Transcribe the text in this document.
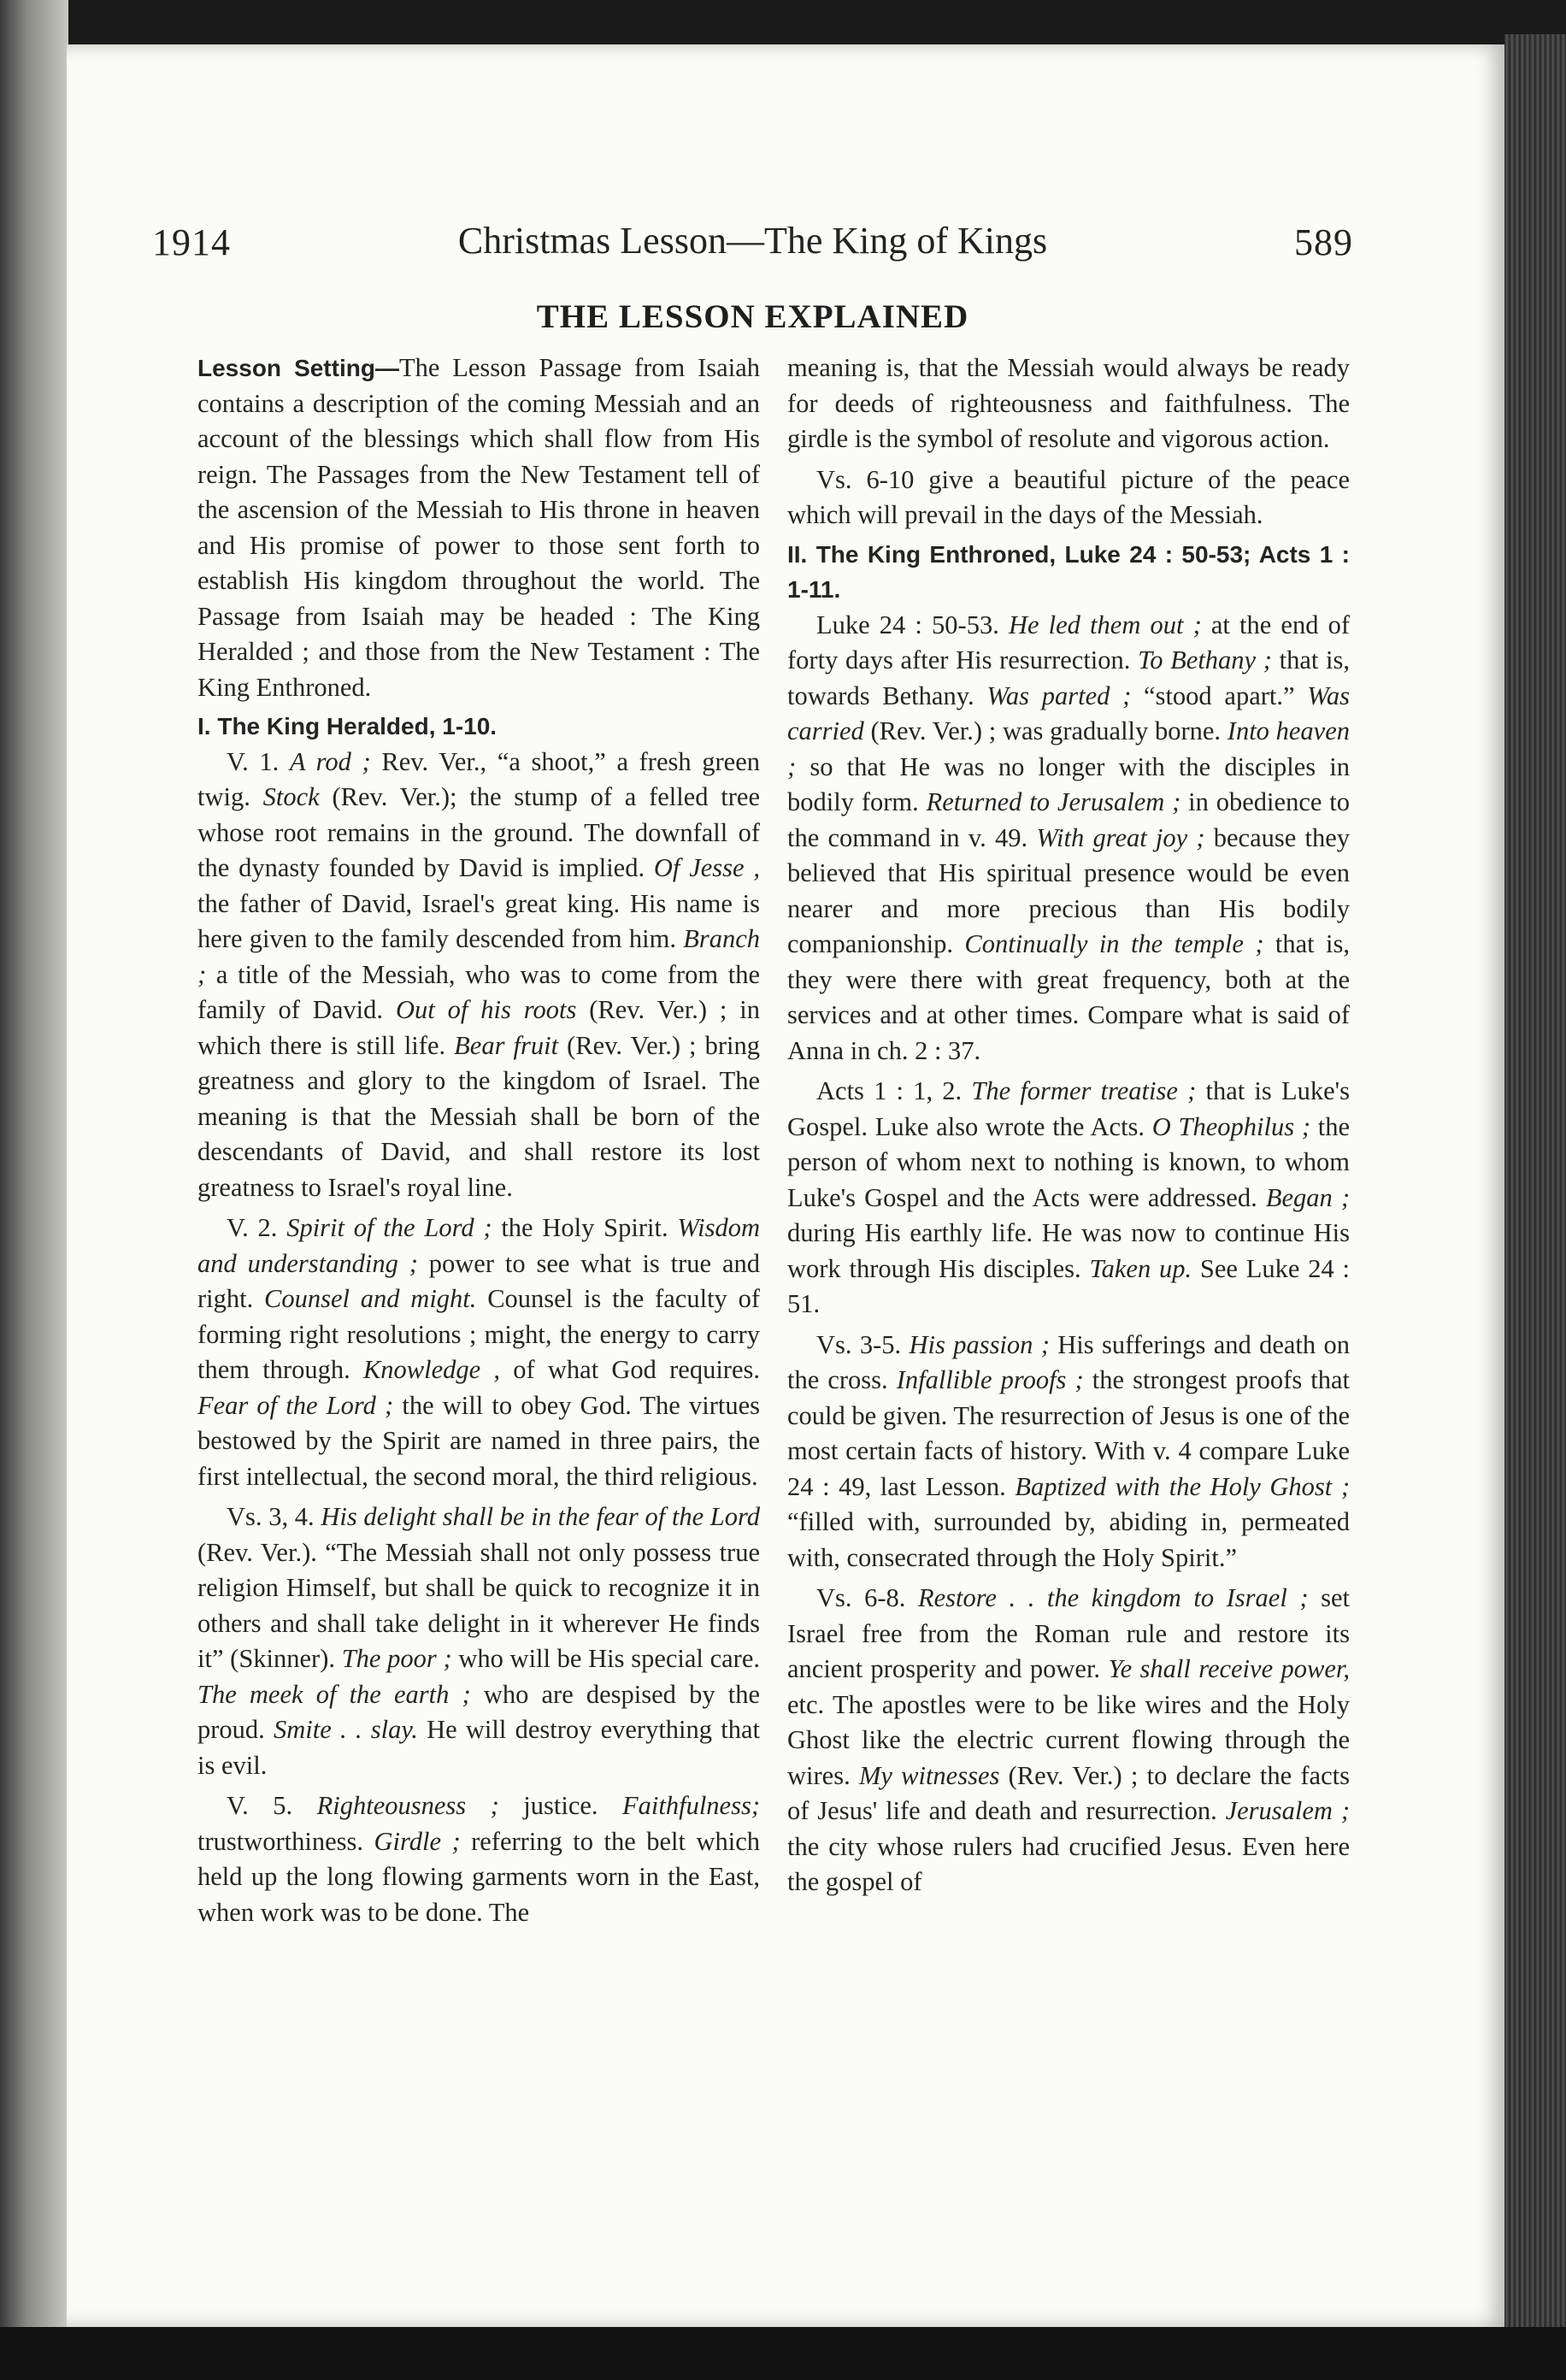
1914	Christmas Lesson—The King of Kings	589
THE LESSON EXPLAINED

Lesson Setting—The Lesson Passage from Isaiah contains a description of the coming Messiah and an account of the blessings which shall flow from His reign. The Passages from the New Testament tell of the ascension of the Messiah to His throne in heaven and His promise of power to those sent forth to establish His kingdom throughout the world. The Passage from Isaiah may be headed : The King Heralded ; and those from the New Testament : The King Enthroned.

I. The King Heralded, 1-10.

V. 1. A rod ; Rev. Ver., “a shoot,” a fresh green twig. Stock (Rev. Ver.); the stump of a felled tree whose root remains in the ground. The downfall of the dynasty founded by David is implied. Of Jesse , the father of David, Israel's great king. His name is here given to the family descended from him. Branch ; a title of the Messiah, who was to come from the family of David. Out of his roots (Rev. Ver.) ; in which there is still life. Bear fruit (Rev. Ver.) ; bring greatness and glory to the kingdom of Israel. The meaning is that the Messiah shall be born of the descendants of David, and shall restore its lost greatness to Israel's royal line.

V. 2. Spirit of the Lord ; the Holy Spirit. Wisdom and understanding ; power to see what is true and right. Counsel and might. Counsel is the faculty of forming right resolutions ; might, the energy to carry them through. Knowledge , of what God requires. Fear of the Lord ; the will to obey God. The virtues bestowed by the Spirit are named in three pairs, the first intellectual, the second moral, the third religious.

Vs. 3, 4. His delight shall be in the fear of the Lord (Rev. Ver.). “The Messiah shall not only possess true religion Himself, but shall be quick to recognize it in others and shall take delight in it wherever He finds it” (Skinner). The poor ; who will be His special care. The meek of the earth ; who are despised by the proud. Smite . . slay. He will destroy everything that is evil.

V. 5. Righteousness ; justice. Faithfulness; trustworthiness. Girdle ; referring to the belt which held up the long flowing garments worn in the East, when work was to be done. The

meaning is, that the Messiah would always be ready for deeds of righteousness and faithfulness. The girdle is the symbol of resolute and vigorous action.

Vs. 6-10 give a beautiful picture of the peace which will prevail in the days of the Messiah.

II. The King Enthroned, Luke 24 : 50-53; Acts 1 : 1-11.

Luke 24 : 50-53. He led them out ; at the end of forty days after His resurrection. To Bethany ; that is, towards Bethany. Was parted ; “stood apart.” Was carried (Rev. Ver.) ; was gradually borne. Into heaven ; so that He was no longer with the disciples in bodily form. Returned to Jerusalem ; in obedience to the command in v. 49. With great joy ; because they believed that His spiritual presence would be even nearer and more precious than His bodily companionship. Continually in the temple ; that is, they were there with great frequency, both at the services and at other times. Compare what is said of Anna in ch. 2 : 37.

Acts 1 : 1, 2. The former treatise ; that is Luke's Gospel. Luke also wrote the Acts. O Theophilus ; the person of whom next to nothing is known, to whom Luke's Gospel and the Acts were addressed. Began ; during His earthly life. He was now to continue His work through His disciples. Taken up. See Luke 24 : 51.

Vs. 3-5. His passion ; His sufferings and death on the cross. Infallible proofs ; the strongest proofs that could be given. The resurrection of Jesus is one of the most certain facts of history. With v. 4 compare Luke 24 : 49, last Lesson. Baptized with the Holy Ghost ; “filled with, surrounded by, abiding in, permeated with, consecrated through the Holy Spirit.”

Vs. 6-8. Restore . . the kingdom to Israel ; set Israel free from the Roman rule and restore its ancient prosperity and power. Ye shall receive power, etc. The apostles were to be like wires and the Holy Ghost like the electric current flowing through the wires. My witnesses (Rev. Ver.) ; to declare the facts of Jesus' life and death and resurrection. Jerusalem ; the city whose rulers had crucified Jesus. Even here the gospel of
